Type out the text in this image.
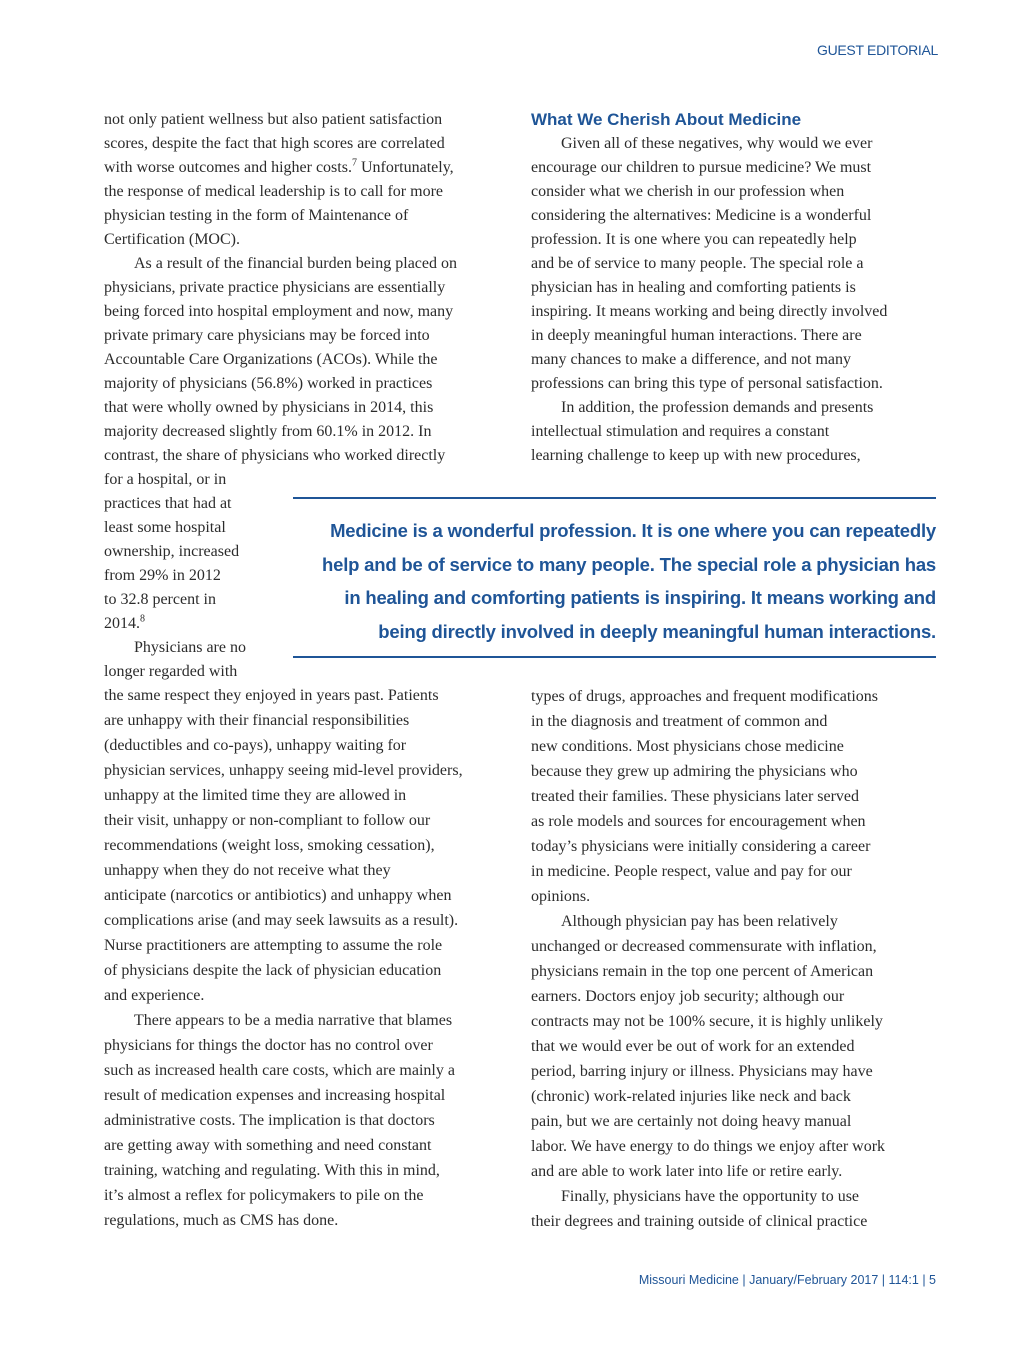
GUEST EDITORIAL
not only patient wellness but also patient satisfaction
scores, despite the fact that high scores are correlated
with worse outcomes and higher costs.$^7$ Unfortunately,
the response of medical leadership is to call for more
physician testing in the form of Maintenance of
Certification (MOC).
As a result of the financial burden being placed on
physicians, private practice physicians are essentially
being forced into hospital employment and now, many
private primary care physicians may be forced into
Accountable Care Organizations (ACOs). While the
majority of physicians (56.8%) worked in practices
that were wholly owned by physicians in 2014, this
majority decreased slightly from 60.1% in 2012. In
contrast, the share of physicians who worked directly
for a hospital, or in
practices that had at
least some hospital
ownership, increased
from 29% in 2012
to 32.8 percent in
2014.$^8$
Physicians are no
longer regarded with
the same respect they enjoyed in years past. Patients
are unhappy with their financial responsibilities
(deductibles and co-pays), unhappy waiting for
physician services, unhappy seeing mid-level providers,
unhappy at the limited time they are allowed in
their visit, unhappy or non-compliant to follow our
recommendations (weight loss, smoking cessation),
unhappy when they do not receive what they
anticipate (narcotics or antibiotics) and unhappy when
complications arise (and may seek lawsuits as a result).
Nurse practitioners are attempting to assume the role
of physicians despite the lack of physician education
and experience.
There appears to be a media narrative that blames
physicians for things the doctor has no control over
such as increased health care costs, which are mainly a
result of medication expenses and increasing hospital
administrative costs. The implication is that doctors
are getting away with something and need constant
training, watching and regulating. With this in mind,
it’s almost a reflex for policymakers to pile on the
regulations, much as CMS has done.
What We Cherish About Medicine
Given all of these negatives, why would we ever
encourage our children to pursue medicine? We must
consider what we cherish in our profession when
considering the alternatives: Medicine is a wonderful
profession. It is one where you can repeatedly help
and be of service to many people. The special role a
physician has in healing and comforting patients is
inspiring. It means working and being directly involved
in deeply meaningful human interactions. There are
many chances to make a difference, and not many
professions can bring this type of personal satisfaction.
In addition, the profession demands and presents
intellectual stimulation and requires a constant
learning challenge to keep up with new procedures,

Medicine is a wonderful profession. It is one where you can repeatedly
help and be of service to many people. The special role a physician has
in healing and comforting patients is inspiring. It means working and
being directly involved in deeply meaningful human interactions.

types of drugs, approaches and frequent modifications
in the diagnosis and treatment of common and
new conditions. Most physicians chose medicine
because they grew up admiring the physicians who
treated their families. These physicians later served
as role models and sources for encouragement when
today’s physicians were initially considering a career
in medicine. People respect, value and pay for our
opinions.
Although physician pay has been relatively
unchanged or decreased commensurate with inflation,
physicians remain in the top one percent of American
earners. Doctors enjoy job security; although our
contracts may not be 100% secure, it is highly unlikely
that we would ever be out of work for an extended
period, barring injury or illness. Physicians may have
(chronic) work-related injuries like neck and back
pain, but we are certainly not doing heavy manual
labor. We have energy to do things we enjoy after work
and are able to work later into life or retire early.
Finally, physicians have the opportunity to use
their degrees and training outside of clinical practice
Missouri Medicine | January/February 2017 | 114:1 | 5
